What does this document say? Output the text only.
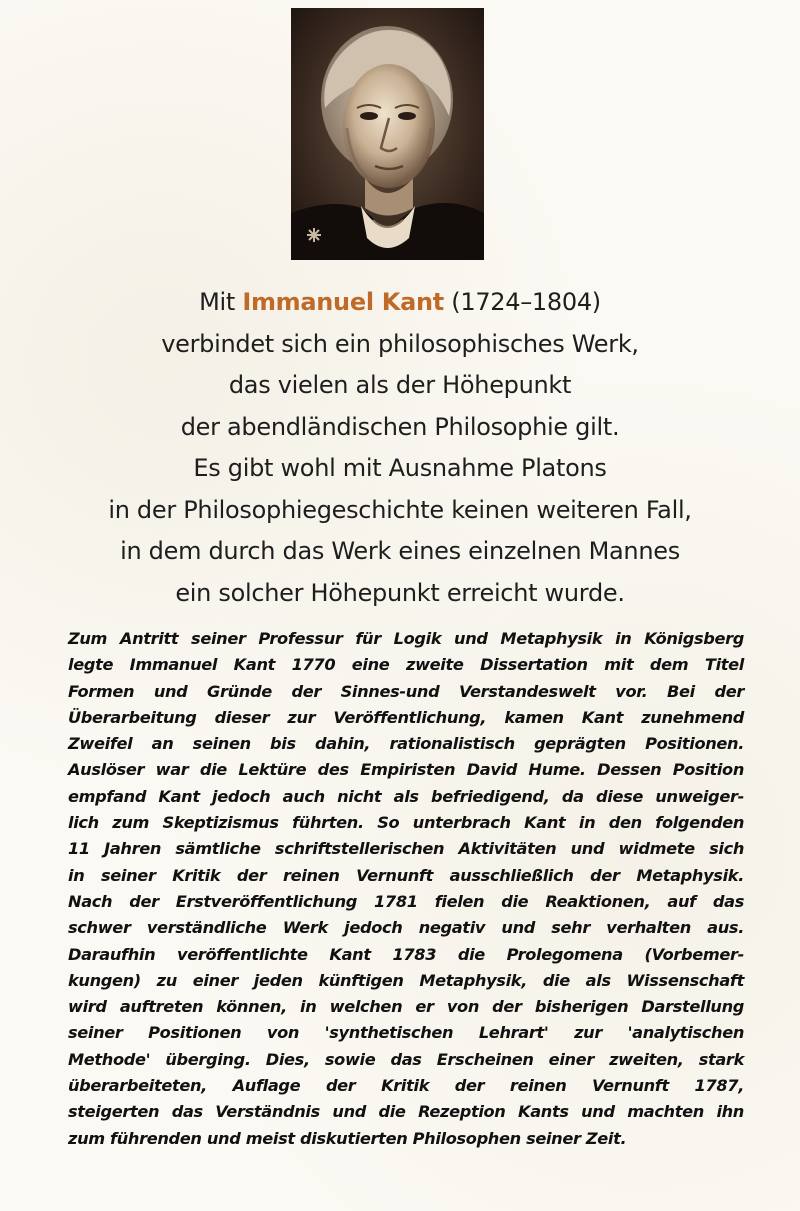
Mit Immanuel Kant (1724–1804)
verbindet sich ein philosophisches Werk,
das vielen als der Höhepunkt
der abendländischen Philosophie gilt.
Es gibt wohl mit Ausnahme Platons
in der Philosophiegeschichte keinen weiteren Fall,
in dem durch das Werk eines einzelnen Mannes
ein solcher Höhepunkt erreicht wurde.
Zum Antritt seiner Professur für Logik und Metaphysik in Königsberg
legte Immanuel Kant 1770 eine zweite Dissertation mit dem Titel
Formen und Gründe der Sinnes-und Verstandeswelt vor. Bei der
Überarbeitung dieser zur Veröffentlichung, kamen Kant zunehmend
Zweifel an seinen bis dahin, rationalistisch geprägten Positionen.
Auslöser war die Lektüre des Empiristen David Hume. Dessen Position
empfand Kant jedoch auch nicht als befriedigend, da diese unweiger-
lich zum Skeptizismus führten. So unterbrach Kant in den folgenden
11 Jahren sämtliche schriftstellerischen Aktivitäten und widmete sich
in seiner Kritik der reinen Vernunft ausschließlich der Metaphysik.
Nach der Erstveröffentlichung 1781 fielen die Reaktionen, auf das
schwer verständliche Werk jedoch negativ und sehr verhalten aus.
Daraufhin veröffentlichte Kant 1783 die Prolegomena (Vorbemer-
kungen) zu einer jeden künftigen Metaphysik, die als Wissenschaft
wird auftreten können, in welchen er von der bisherigen Darstellung
seiner Positionen von 'synthetischen Lehrart' zur 'analytischen
Methode' überging. Dies, sowie das Erscheinen einer zweiten, stark
überarbeiteten, Auflage der Kritik der reinen Vernunft 1787,
steigerten das Verständnis und die Rezeption Kants und machten ihn
zum führenden und meist diskutierten Philosophen seiner Zeit.
